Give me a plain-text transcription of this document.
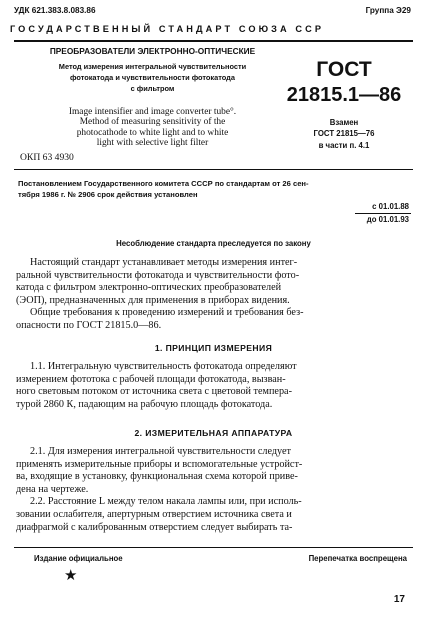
УДК 621.383.8.083.86	Группа Э29
ГОСУДАРСТВЕННЫЙ СТАНДАРТ СОЮЗА ССР
ПРЕОБРАЗОВАТЕЛИ ЭЛЕКТРОННО-ОПТИЧЕСКИЕ
Метод измерения интегральной чувствительности
фотокатода и чувствительности фотокатода
с фильтром
Image intensifier and image converter tube°.
Method of measuring sensitivity of the
photocathode to white light and to white
light with selective light filter
ОКП 63 4930
ГОСТ
21815.1—86
Взамен
ГОСТ 21815—76
в части п. 4.1
Постановлением Государственного комитета СССР по стандартам от 26 сен-
тября 1986 г. № 2906 срок действия установлен
с 01.01.88
до 01.01.93
Несоблюдение стандарта преследуется по закону
Настоящий стандарт устанавливает методы измерения интег-
ральной чувствительности фотокатода и чувствительности фото-
катода с фильтром электронно-оптических преобразователей
(ЭОП), предназначенных для применения в приборах видения.
Общие требования к проведению измерений и требования без-
опасности по ГОСТ 21815.0—86.
1. ПРИНЦИП ИЗМЕРЕНИЯ
1.1. Интегральную чувствительность фотокатода определяют
измерением фототока с рабочей площади фотокатода, вызван-
ного световым потоком от источника света с цветовой темпера-
турой 2860 К, падающим на рабочую площадь фотокатода.
2. ИЗМЕРИТЕЛЬНАЯ АППАРАТУРА
2.1. Для измерения интегральной чувствительности следует
применять измерительные приборы и вспомогательные устройст-
ва, входящие в установку, функциональная схема которой приве-
дена на чертеже.
2.2. Расстояние L между телом накала лампы или, при исполь-
зовании ослабителя, апертурным отверстием источника света и
диафрагмой с калиброванным отверстием следует выбирать та-
Издание официальное	Перепечатка воспрещена
★
17
